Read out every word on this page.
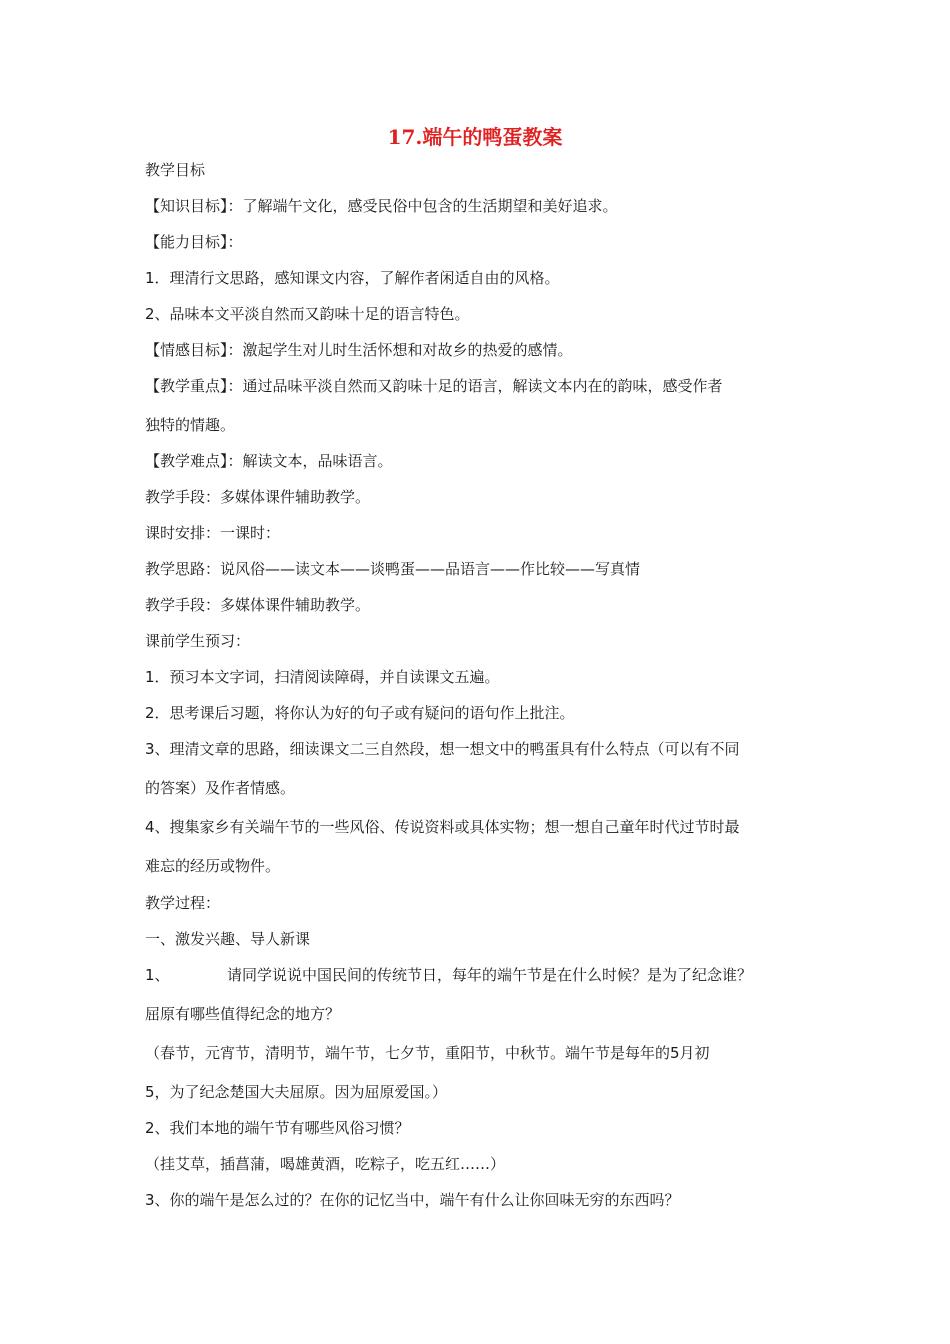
17.端午的鸭蛋教案
教学目标
【知识目标】：了解端午文化，感受民俗中包含的生活期望和美好追求。
【能力目标】：
1．理清行文思路，感知课文内容，了解作者闲适自由的风格。
2、品味本文平淡自然而又韵味十足的语言特色。
【情感目标】：激起学生对儿时生活怀想和对故乡的热爱的感情。
【教学重点】：通过品味平淡自然而又韵味十足的语言，解读文本内在的韵味，感受作者
独特的情趣。
【教学难点】：解读文本，品味语言。
教学手段：多媒体课件辅助教学。
课时安排：一课时：
教学思路：说风俗——读文本——谈鸭蛋——品语言——作比较——写真情
教学手段：多媒体课件辅助教学。
课前学生预习：
1．预习本文字词，扫清阅读障碍，并自读课文五遍。
2．思考课后习题，将你认为好的句子或有疑问的语句作上批注。
3、理清文章的思路，细读课文二三自然段，想一想文中的鸭蛋具有什么特点（可以有不同
的答案）及作者情感。
4、搜集家乡有关端午节的一些风俗、传说资料或具体实物；想一想自己童年时代过节时最
难忘的经历或物件。
教学过程：
一、激发兴趣、导人新课
1、	请同学说说中国民间的传统节日，每年的端午节是在什么时候？是为了纪念谁？
屈原有哪些值得纪念的地方？
（春节，元宵节，清明节，端午节，七夕节，重阳节，中秋节。端午节是每年的5月初
5，为了纪念楚国大夫屈原。因为屈原爱国。）
2、我们本地的端午节有哪些风俗习惯？
（挂艾草，插菖蒲，喝雄黄酒，吃粽子，吃五红……）
3、你的端午是怎么过的？在你的记忆当中，端午有什么让你回味无穷的东西吗？
